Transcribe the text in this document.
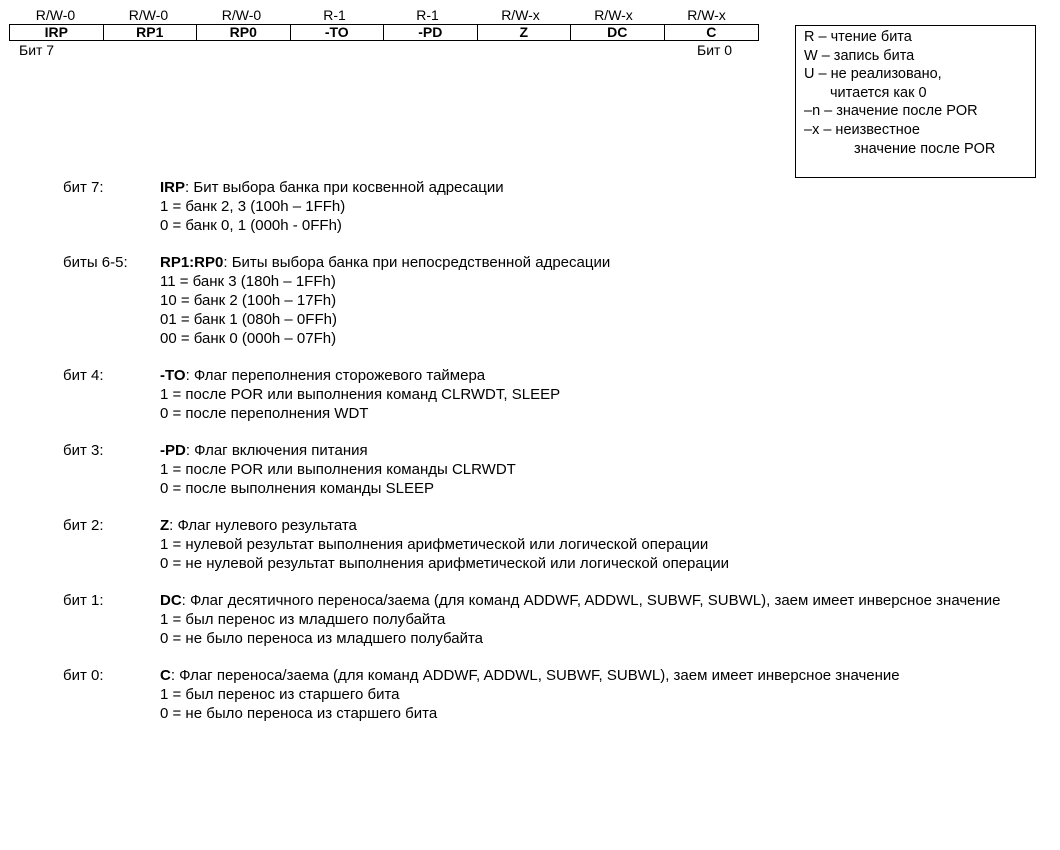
R/W-0	R/W-0	R/W-0	R-1	R-1	R/W-x	R/W-x	R/W-x
IRP	RP1	RP0	-TO	-PD	Z	DC	C
Бит 7	Бит 0
R – чтение бита
W – запись бита
U – не реализовано,
читается как 0
–n – значение после POR
–x – неизвестное
значение после POR
бит 7:	IRP: Бит выбора банка при косвенной адресации
1 = банк 2, 3 (100h – 1FFh)
0 = банк 0, 1 (000h - 0FFh)
биты 6-5:	RP1:RP0: Биты выбора банка при непосредственной адресации
11 = банк 3 (180h – 1FFh)
10 = банк 2 (100h – 17Fh)
01 = банк 1 (080h – 0FFh)
00 = банк 0 (000h – 07Fh)
бит 4:	-TO: Флаг переполнения сторожевого таймера
1 = после POR или выполнения команд CLRWDT, SLEEP
0 = после переполнения WDT
бит 3:	-PD: Флаг включения питания
1 = после POR или выполнения команды CLRWDT
0 = после выполнения команды SLEEP
бит 2:	Z: Флаг нулевого результата
1 = нулевой результат выполнения арифметической или логической операции
0 = не нулевой результат выполнения арифметической или логической операции
бит 1:	DC: Флаг десятичного переноса/заема (для команд ADDWF, ADDWL, SUBWF, SUBWL), заем имеет инверсное значение
1 = был перенос из младшего полубайта
0 = не было переноса из младшего полубайта
бит 0:	C: Флаг переноса/заема (для команд ADDWF, ADDWL, SUBWF, SUBWL), заем имеет инверсное значение
1 = был перенос из старшего бита
0 = не было переноса из старшего бита
